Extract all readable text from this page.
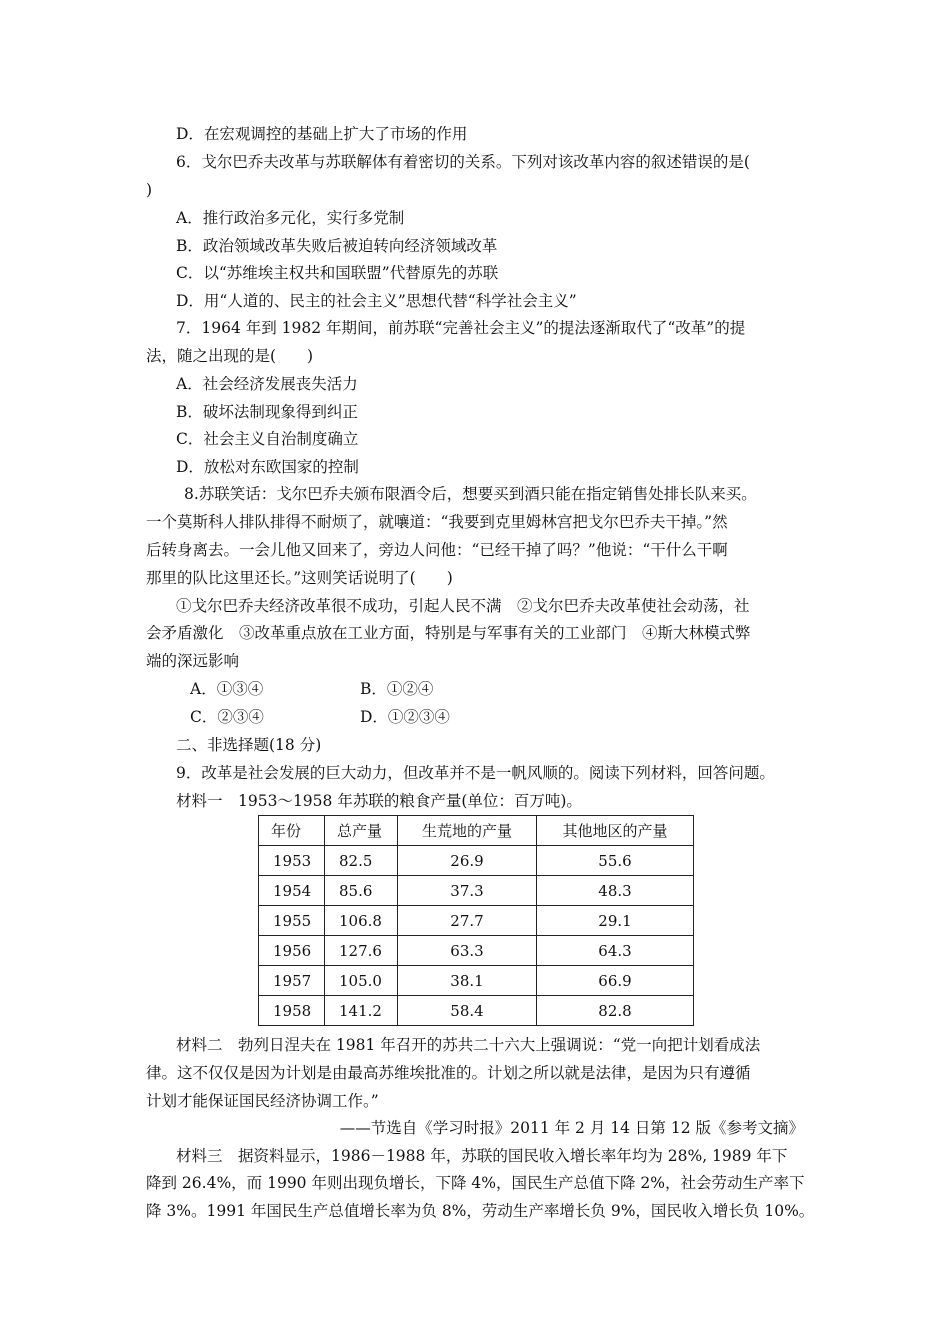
D．在宏观调控的基础上扩大了市场的作用
6．戈尔巴乔夫改革与苏联解体有着密切的关系。下列对该改革内容的叙述错误的是(
)
A．推行政治多元化，实行多党制
B．政治领域改革失败后被迫转向经济领域改革
C．以“苏维埃主权共和国联盟”代替原先的苏联
D．用“人道的、民主的社会主义”思想代替“科学社会主义”
7．1964 年到 1982 年期间，前苏联“完善社会主义”的提法逐渐取代了“改革”的提
法，随之出现的是(　　)
A．社会经济发展丧失活力
B．破坏法制现象得到纠正
C．社会主义自治制度确立
D．放松对东欧国家的控制
8.苏联笑话：戈尔巴乔夫颁布限酒令后，想要买到酒只能在指定销售处排长队来买。
一个莫斯科人排队排得不耐烦了，就嚷道：“我要到克里姆林宫把戈尔巴乔夫干掉。”然
后转身离去。一会儿他又回来了，旁边人问他：“已经干掉了吗？”他说：“干什么干啊
那里的队比这里还长。”这则笑话说明了(　　)
①戈尔巴乔夫经济改革很不成功，引起人民不满　②戈尔巴乔夫改革使社会动荡，社
会矛盾激化　③改革重点放在工业方面，特别是与军事有关的工业部门　④斯大林模式弊
端的深远影响
A．①③④	B．①②④
C．②③④	D．①②③④
二、非选择题(18 分)
9．改革是社会发展的巨大动力，但改革并不是一帆风顺的。阅读下列材料，回答问题。
材料一　1953～1958 年苏联的粮食产量(单位：百万吨)。
年份	总产量	生荒地的产量	其他地区的产量
1953	82.5	26.9	55.6
1954	85.6	37.3	48.3
1955	106.8	27.7	29.1
1956	127.6	63.3	64.3
1957	105.0	38.1	66.9
1958	141.2	58.4	82.8
材料二　勃列日涅夫在 1981 年召开的苏共二十六大上强调说：“党一向把计划看成法
律。这不仅仅是因为计划是由最高苏维埃批准的。计划之所以就是法律，是因为只有遵循
计划才能保证国民经济协调工作。”
——节选自《学习时报》2011 年 2 月 14 日第 12 版《参考文摘》
材料三　据资料显示，1986－1988 年，苏联的国民收入增长率年均为 28%, 1989 年下
降到 26.4%，而 1990 年则出现负增长，下降 4%，国民生产总值下降 2%，社会劳动生产率下
降 3%。1991 年国民生产总值增长率为负 8%，劳动生产率增长负 9%，国民收入增长负 10%。
